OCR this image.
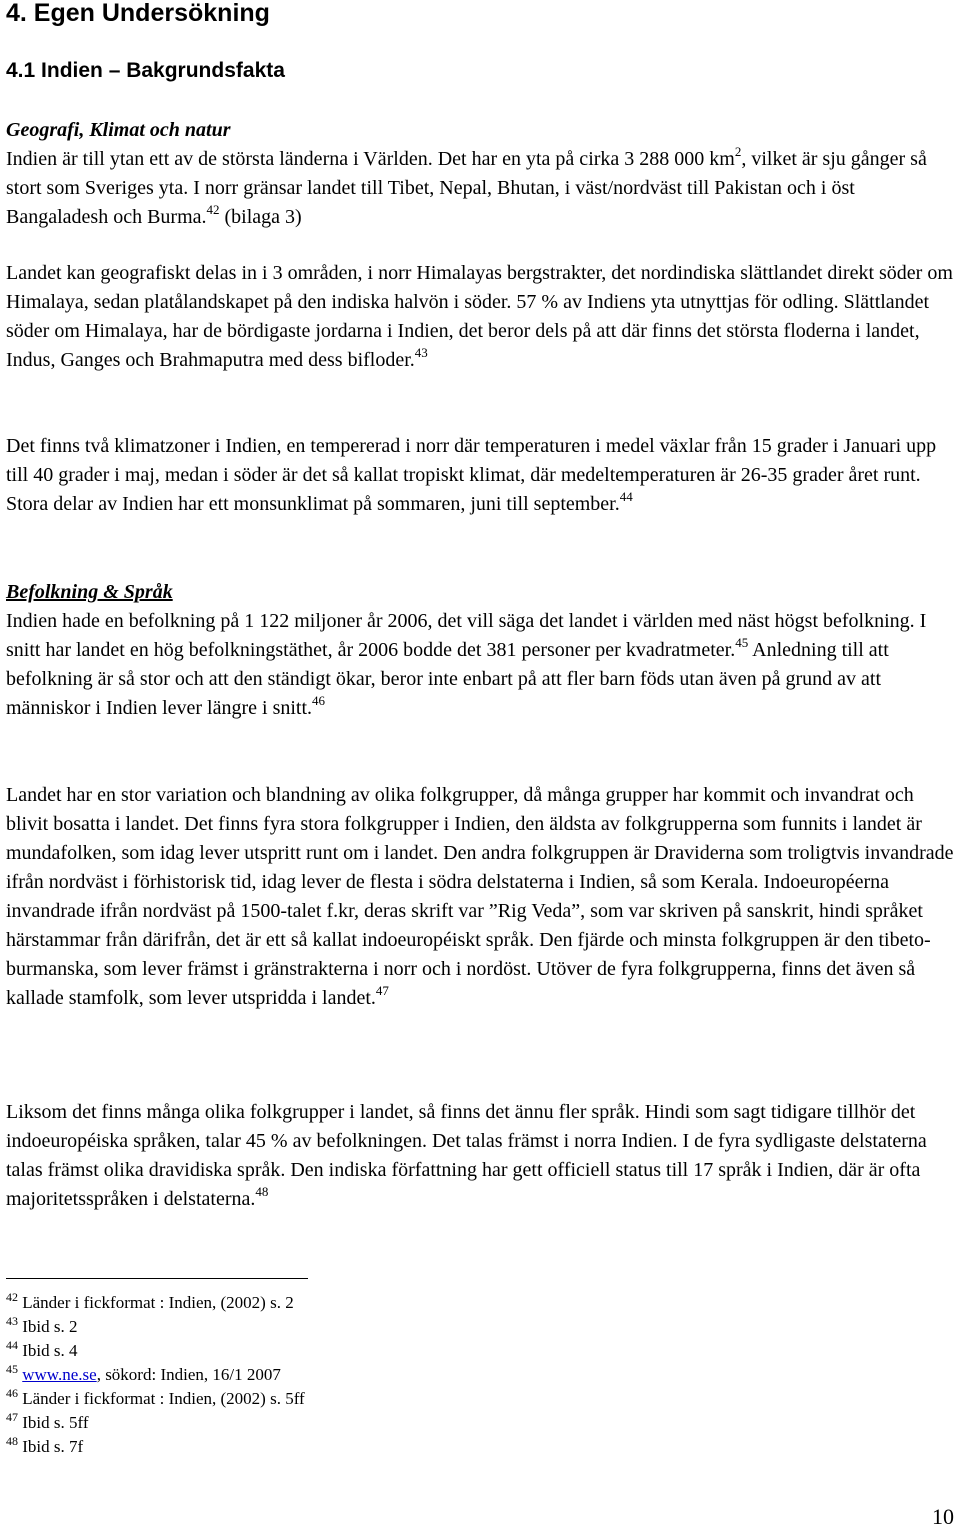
4. Egen Undersökning
4.1 Indien – Bakgrundsfakta

Geografi, Klimat och natur
Indien är till ytan ett av de största länderna i Världen. Det har en yta på cirka 3 288 000 $km^2$, vilket är sju gånger så stort som Sveriges yta. I norr gränsar landet till Tibet, Nepal, Bhutan, i väst/nordväst till Pakistan och i öst Bangaladesh och Burma.$^{42}$ (bilaga 3)

Landet kan geografiskt delas in i 3 områden, i norr Himalayas bergstrakter, det nordindiska slättlandet direkt söder om Himalaya, sedan platålandskapet på den indiska halvön i söder. 57 % av Indiens yta utnyttjas för odling. Slättlandet söder om Himalaya, har de bördigaste jordarna i Indien, det beror dels på att där finns det största floderna i landet, Indus, Ganges och Brahmaputra med dess bifloder.$^{43}$

Det finns två klimatzoner i Indien, en tempererad i norr där temperaturen i medel växlar från 15 grader i Januari upp till 40 grader i maj, medan i söder är det så kallat tropiskt klimat, där medeltemperaturen är 26-35 grader året runt. Stora delar av Indien har ett monsunklimat på sommaren, juni till september.$^{44}$

Befolkning & Språk
Indien hade en befolkning på 1 122 miljoner år 2006, det vill säga det landet i världen med näst högst befolkning. I snitt har landet en hög befolkningstäthet, år 2006 bodde det 381 personer per kvadratmeter.$^{45}$ Anledning till att befolkning är så stor och att den ständigt ökar, beror inte enbart på att fler barn föds utan även på grund av att människor i Indien lever längre i snitt.$^{46}$

Landet har en stor variation och blandning av olika folkgrupper, då många grupper har kommit och invandrat och blivit bosatta i landet. Det finns fyra stora folkgrupper i Indien, den äldsta av folkgrupperna som funnits i landet är mundafolken, som idag lever utspritt runt om i landet. Den andra folkgruppen är Draviderna som troligtvis invandrade ifrån nordväst i förhistorisk tid, idag lever de flesta i södra delstaterna i Indien, så som Kerala. Indoeuropéerna invandrade ifrån nordväst på 1500-talet f.kr, deras skrift var ”Rig Veda”, som var skriven på sanskrit, hindi språket härstammar från därifrån, det är ett så kallat indoeuropéiskt språk. Den fjärde och minsta folkgruppen är den tibeto-burmanska, som lever främst i gränstrakterna i norr och i nordöst. Utöver de fyra folkgrupperna, finns det även så kallade stamfolk, som lever utspridda i landet.$^{47}$

Liksom det finns många olika folkgrupper i landet, så finns det ännu fler språk. Hindi som sagt tidigare tillhör det indoeuropéiska språken, talar 45 % av befolkningen. Det talas främst i norra Indien. I de fyra sydligaste delstaterna talas främst olika dravidiska språk. Den indiska författning har gett officiell status till 17 språk i Indien, där är ofta majoritetsspråken i delstaterna.$^{48}$

$^{42}$ Länder i fickformat : Indien, (2002) s. 2
$^{43}$ Ibid s. 2
$^{44}$ Ibid s. 4
$^{45}$ www.ne.se, sökord: Indien, 16/1 2007
$^{46}$ Länder i fickformat : Indien, (2002) s. 5ff
$^{47}$ Ibid s. 5ff
$^{48}$ Ibid s. 7f
10
